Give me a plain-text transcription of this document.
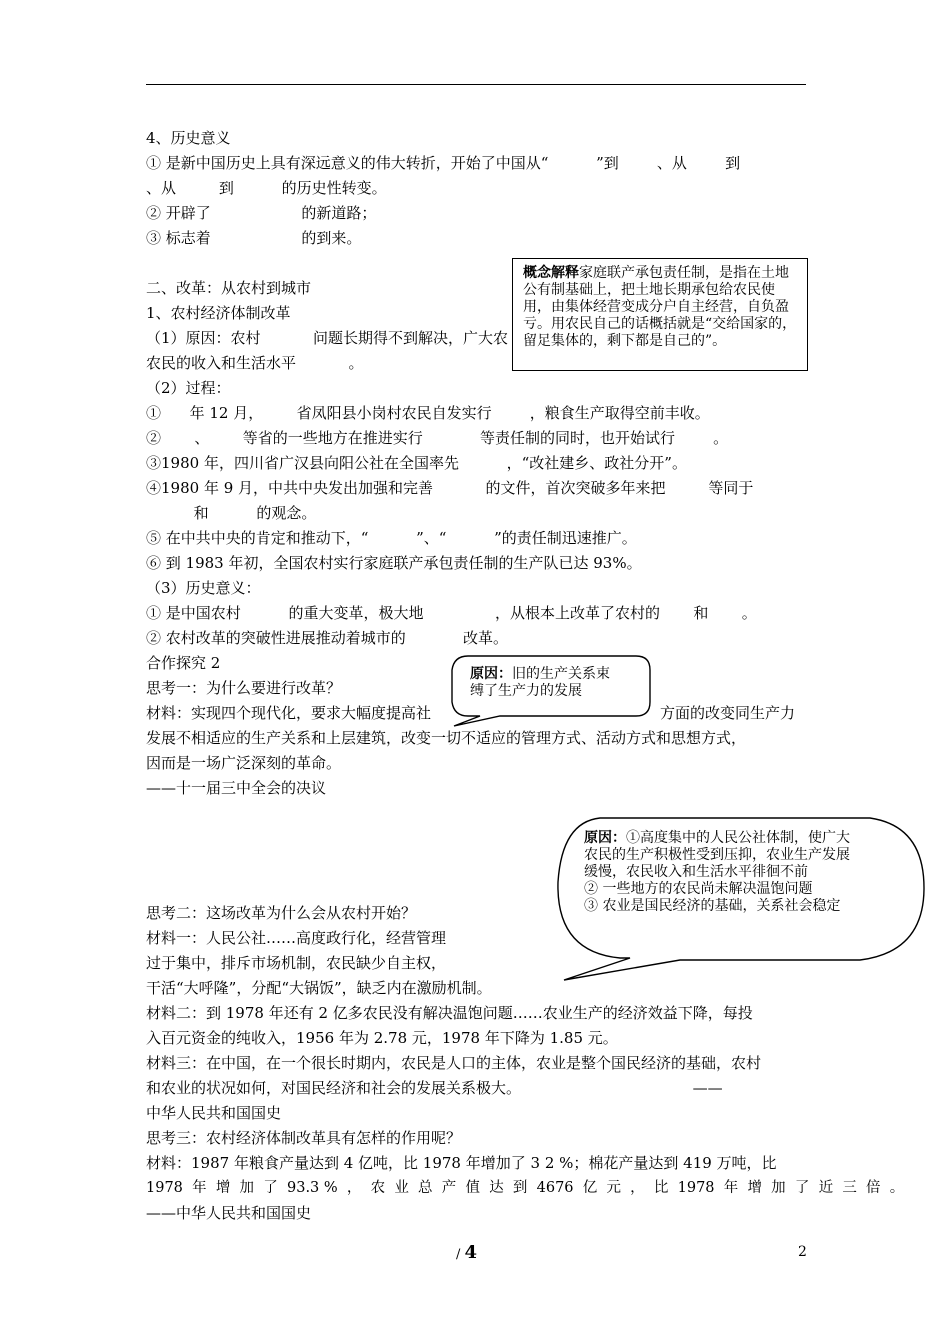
4、历史意义
① 是新中国历史上具有深远意义的伟大转折，开始了中国从“          ”到        、从        到
、从         到          的历史性转变。
② 开辟了                   的新道路；
③ 标志着                   的到来。
二、改革：从农村到城市
1、农村经济体制改革
（1）原因：农村           问题长期得不到解决，广大农
农民的收入和生活水平           。
（2）过程：
①      年 12 月，       省凤阳县小岗村农民自发实行        ，粮食生产取得空前丰收。
②       、       等省的一些地方在推进实行            等责任制的同时，也开始试行        。
③1980 年，四川省广汉县向阳公社在全国率先          ，“改社建乡、政社分开”。
④1980 年 9 月，中共中央发出加强和完善           的文件，首次突破多年来把         等同于
和          的观念。
⑤ 在中共中央的肯定和推动下，“          ”、“          ”的责任制迅速推广。
⑥ 到 1983 年初，全国农村实行家庭联产承包责任制的生产队已达 93%。
（3）历史意义：
① 是中国农村          的重大变革，极大地               ，从根本上改革了农村的       和       。
② 农村改革的突破性进展推动着城市的            改革。
合作探究 2
思考一：为什么要进行改革？
材料：实现四个现代化，要求大幅度提高社	方面的改变同生产力
发展不相适应的生产关系和上层建筑，改变一切不适应的管理方式、活动方式和思想方式，
因而是一场广泛深刻的革命。
——十一届三中全会的决议
思考二：这场改革为什么会从农村开始？
材料一：人民公社……高度政行化，经营管理
过于集中，排斥市场机制，农民缺少自主权，
干活“大呼隆”，分配“大锅饭”，缺乏内在激励机制。
材料二：到 1978 年还有 2 亿多农民没有解决温饱问题……农业生产的经济效益下降，每投
入百元资金的纯收入，1956 年为 2.78 元，1978 年下降为 1.85 元。
材料三：在中国，在一个很长时期内，农民是人口的主体，农业是整个国民经济的基础，农村
和农业的状况如何，对国民经济和社会的发展关系极大。                                    ——
中华人民共和国国史
思考三：农村经济体制改革具有怎样的作用呢？
材料：1987 年粮食产量达到 4 亿吨，比 1978 年增加了 3 2 %；棉花产量达到 419 万吨，比
1978  年  增  加  了  93.3 %  ，  农  业  总  产  值  达  到  4676  亿  元  ，  比  1978  年  增  加  了  近  三  倍  。
——中华人民共和国国史
概念解释家庭联产承包责任制，是指在土地公有制基础上，把土地长期承包给农民使用，由集体经营变成分户自主经营，自负盈亏。用农民自己的话概括就是“交给国家的，留足集体的，剩下都是自己的”。
原因：旧的生产关系束
缚了生产力的发展
原因：①高度集中的人民公社体制，使广大
农民的生产积极性受到压抑，农业生产发展
缓慢，农民收入和生活水平徘徊不前
② 一些地方的农民尚未解决温饱问题
③ 农业是国民经济的基础，关系社会稳定
/ 4	2
